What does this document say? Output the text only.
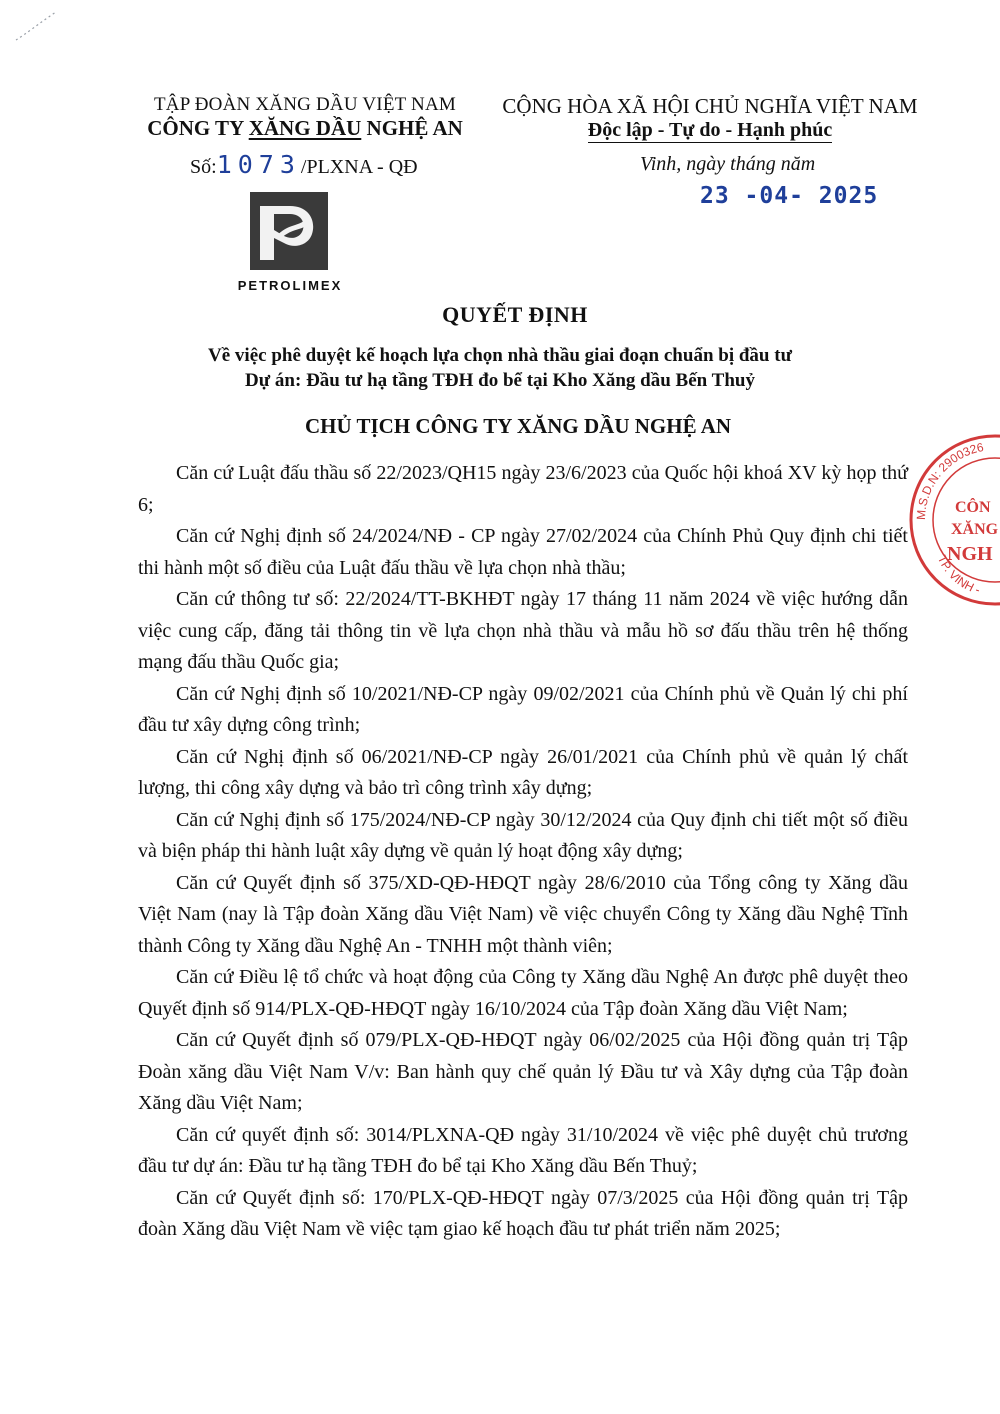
TẬP ĐOÀN XĂNG DẦU VIỆT NAM
CÔNG TY XĂNG DẦU NGHỆ AN
Số:1073/PLXNA - QĐ
CỘNG HÒA XÃ HỘI CHỦ NGHĨA VIỆT NAM
Độc lập - Tự do - Hạnh phúc
Vinh, ngày tháng năm
23 -04- 2025
PETROLIMEX
QUYẾT ĐỊNH
Về việc phê duyệt kế hoạch lựa chọn nhà thầu giai đoạn chuẩn bị đầu tư
Dự án: Đầu tư hạ tầng TĐH đo bể tại Kho Xăng dầu Bến Thuỷ
CHỦ TỊCH CÔNG TY XĂNG DẦU NGHỆ AN

Căn cứ Luật đấu thầu số 22/2023/QH15 ngày 23/6/2023 của Quốc hội khoá XV kỳ họp thứ 6;

Căn cứ Nghị định số 24/2024/NĐ - CP ngày 27/02/2024 của Chính Phủ Quy định chi tiết thi hành một số điều của Luật đấu thầu về lựa chọn nhà thầu;

Căn cứ thông tư số: 22/2024/TT-BKHĐT ngày 17 tháng 11 năm 2024 về việc hướng dẫn việc cung cấp, đăng tải thông tin về lựa chọn nhà thầu và mẫu hồ sơ đấu thầu trên hệ thống mạng đấu thầu Quốc gia;

Căn cứ Nghị định số 10/2021/NĐ-CP ngày 09/02/2021 của Chính phủ về Quản lý chi phí đầu tư xây dựng công trình;

Căn cứ Nghị định số 06/2021/NĐ-CP ngày 26/01/2021 của Chính phủ về quản lý chất lượng, thi công xây dựng và bảo trì công trình xây dựng;

Căn cứ Nghị định số 175/2024/NĐ-CP ngày 30/12/2024 của Quy định chi tiết một số điều và biện pháp thi hành luật xây dựng về quản lý hoạt động xây dựng;

Căn cứ Quyết định số 375/XD-QĐ-HĐQT ngày 28/6/2010 của Tổng công ty Xăng dầu Việt Nam (nay là Tập đoàn Xăng dầu Việt Nam) về việc chuyển Công ty Xăng dầu Nghệ Tĩnh thành Công ty Xăng dầu Nghệ An - TNHH một thành viên;

Căn cứ Điều lệ tổ chức và hoạt động của Công ty Xăng dầu Nghệ An được phê duyệt theo Quyết định số 914/PLX-QĐ-HĐQT ngày 16/10/2024 của Tập đoàn Xăng dầu Việt Nam;

Căn cứ Quyết định số 079/PLX-QĐ-HĐQT ngày 06/02/2025 của Hội đồng quản trị Tập Đoàn xăng dầu Việt Nam V/v: Ban hành quy chế quản lý Đầu tư và Xây dựng của Tập đoàn Xăng dầu Việt Nam;

Căn cứ quyết định số: 3014/PLXNA-QĐ ngày 31/10/2024 về việc phê duyệt chủ trương đầu tư dự án: Đầu tư hạ tầng TĐH đo bể tại Kho Xăng dầu Bến Thuỷ;

Căn cứ Quyết định số: 170/PLX-QĐ-HĐQT ngày 07/3/2025 của Hội đồng quản trị Tập đoàn Xăng dầu Việt Nam về việc tạm giao kế hoạch đầu tư phát triển năm 2025;

M.S.D.N: 2900326
TP. VINH -
CÔN
XĂNG
NGH
